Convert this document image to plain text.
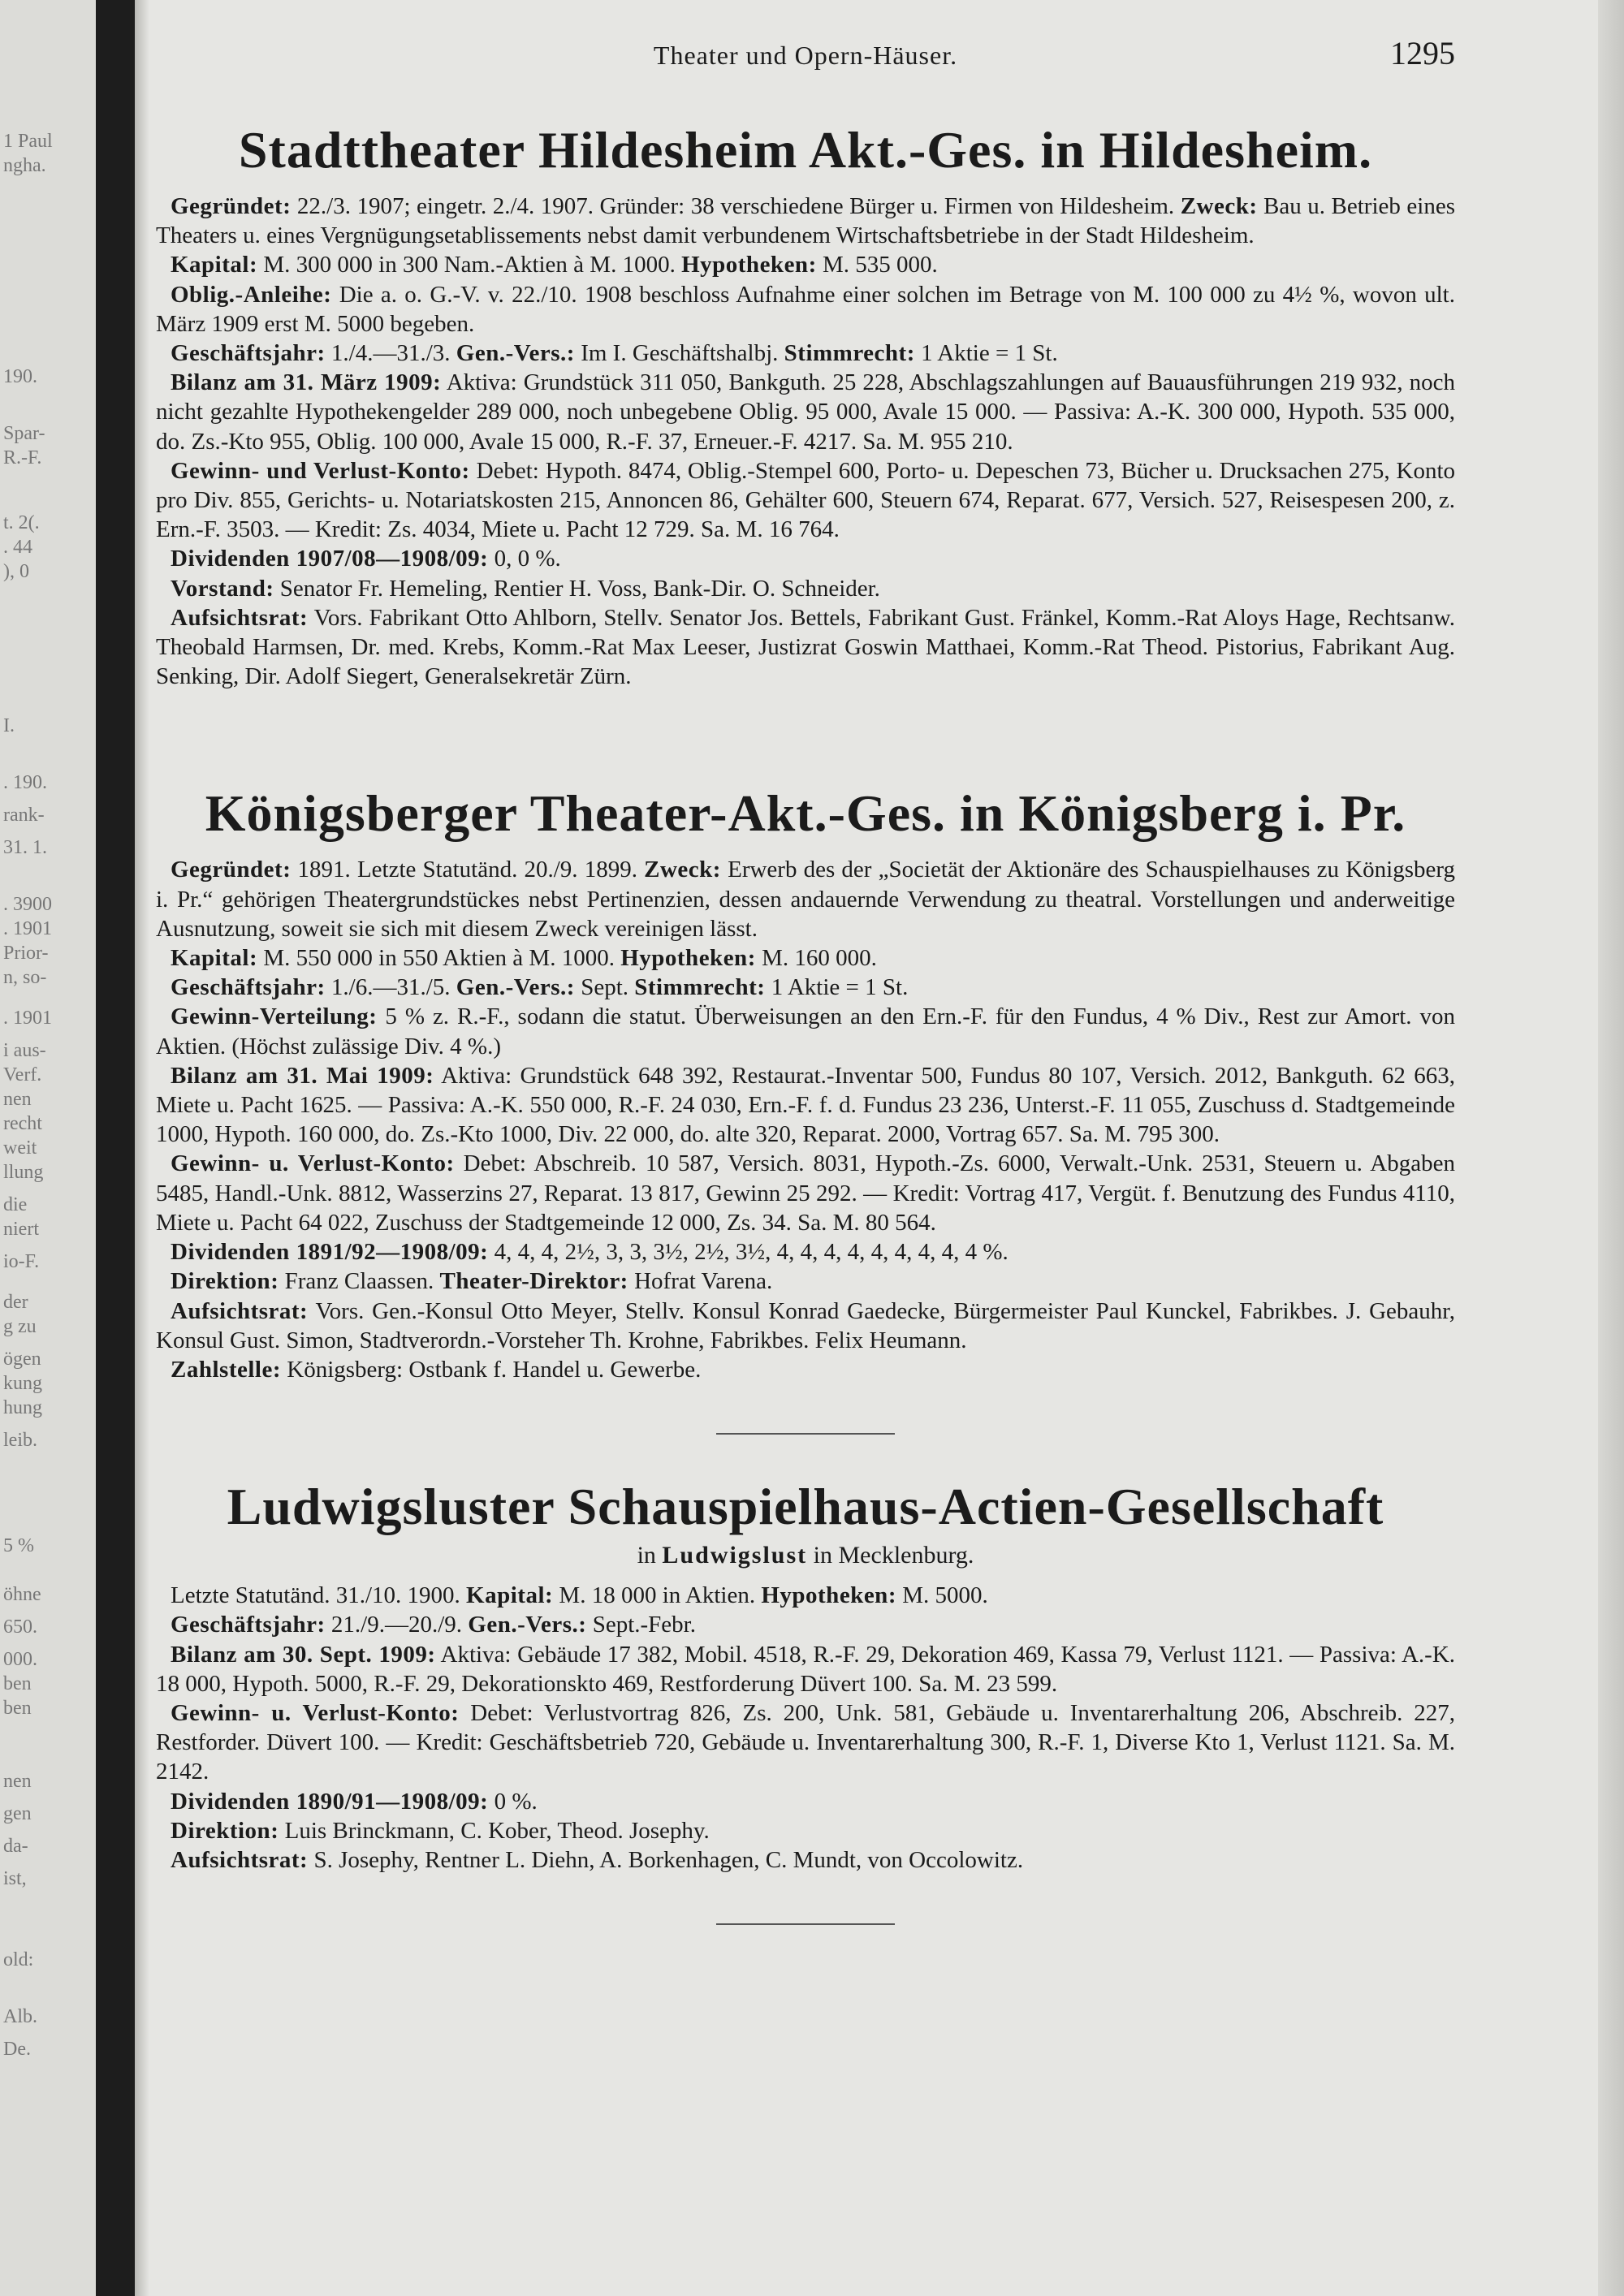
1 Paul
ngha.
190.
Spar-
R.-F.
t. 2(.
. 44
), 0
I.
. 190.
rank-
31. 1.
. 3900
. 1901
Prior-
n, so-
. 1901
i aus-
Verf.
nen
recht
weit
llung
die
niert
io-F.
der
g zu
ögen
kung
hung
leib.
5 %
öhne
650.
000.
ben
ben
nen
gen
da-
ist,
old:
Alb.
De.
Theater und Opern-Häuser.	1295
Stadttheater Hildesheim Akt.-Ges. in Hildesheim.

Gegründet: 22./3. 1907; eingetr. 2./4. 1907. Gründer: 38 verschiedene Bürger u. Firmen von Hildesheim. Zweck: Bau u. Betrieb eines Theaters u. eines Vergnügungsetablissements nebst damit verbundenem Wirtschaftsbetriebe in der Stadt Hildesheim.

Kapital: M. 300 000 in 300 Nam.-Aktien à M. 1000. Hypotheken: M. 535 000.

Oblig.-Anleihe: Die a. o. G.-V. v. 22./10. 1908 beschloss Aufnahme einer solchen im Betrage von M. 100 000 zu 4½ %, wovon ult. März 1909 erst M. 5000 begeben.

Geschäftsjahr: 1./4.—31./3. Gen.-Vers.: Im I. Geschäftshalbj. Stimmrecht: 1 Aktie = 1 St.

Bilanz am 31. März 1909: Aktiva: Grundstück 311 050, Bankguth. 25 228, Abschlagszahlungen auf Bauausführungen 219 932, noch nicht gezahlte Hypothekengelder 289 000, noch unbegebene Oblig. 95 000, Avale 15 000. — Passiva: A.-K. 300 000, Hypoth. 535 000, do. Zs.-Kto 955, Oblig. 100 000, Avale 15 000, R.-F. 37, Erneuer.-F. 4217. Sa. M. 955 210.

Gewinn- und Verlust-Konto: Debet: Hypoth. 8474, Oblig.-Stempel 600, Porto- u. Depeschen 73, Bücher u. Drucksachen 275, Konto pro Div. 855, Gerichts- u. Notariatskosten 215, Annoncen 86, Gehälter 600, Steuern 674, Reparat. 677, Versich. 527, Reisespesen 200, z. Ern.-F. 3503. — Kredit: Zs. 4034, Miete u. Pacht 12 729. Sa. M. 16 764.

Dividenden 1907/08—1908/09: 0, 0 %.

Vorstand: Senator Fr. Hemeling, Rentier H. Voss, Bank-Dir. O. Schneider.

Aufsichtsrat: Vors. Fabrikant Otto Ahlborn, Stellv. Senator Jos. Bettels, Fabrikant Gust. Fränkel, Komm.-Rat Aloys Hage, Rechtsanw. Theobald Harmsen, Dr. med. Krebs, Komm.-Rat Max Leeser, Justizrat Goswin Matthaei, Komm.-Rat Theod. Pistorius, Fabrikant Aug. Senking, Dir. Adolf Siegert, Generalsekretär Zürn.

Königsberger Theater-Akt.-Ges. in Königsberg i. Pr.

Gegründet: 1891. Letzte Statutänd. 20./9. 1899. Zweck: Erwerb des der „Societät der Aktionäre des Schauspielhauses zu Königsberg i. Pr.“ gehörigen Theatergrundstückes nebst Pertinenzien, dessen andauernde Verwendung zu theatral. Vorstellungen und anderweitige Ausnutzung, soweit sie sich mit diesem Zweck vereinigen lässt.

Kapital: M. 550 000 in 550 Aktien à M. 1000. Hypotheken: M. 160 000.

Geschäftsjahr: 1./6.—31./5. Gen.-Vers.: Sept. Stimmrecht: 1 Aktie = 1 St.

Gewinn-Verteilung: 5 % z. R.-F., sodann die statut. Überweisungen an den Ern.-F. für den Fundus, 4 % Div., Rest zur Amort. von Aktien. (Höchst zulässige Div. 4 %.)

Bilanz am 31. Mai 1909: Aktiva: Grundstück 648 392, Restaurat.-Inventar 500, Fundus 80 107, Versich. 2012, Bankguth. 62 663, Miete u. Pacht 1625. — Passiva: A.-K. 550 000, R.-F. 24 030, Ern.-F. f. d. Fundus 23 236, Unterst.-F. 11 055, Zuschuss d. Stadtgemeinde 1000, Hypoth. 160 000, do. Zs.-Kto 1000, Div. 22 000, do. alte 320, Reparat. 2000, Vortrag 657. Sa. M. 795 300.

Gewinn- u. Verlust-Konto: Debet: Abschreib. 10 587, Versich. 8031, Hypoth.-Zs. 6000, Verwalt.-Unk. 2531, Steuern u. Abgaben 5485, Handl.-Unk. 8812, Wasserzins 27, Reparat. 13 817, Gewinn 25 292. — Kredit: Vortrag 417, Vergüt. f. Benutzung des Fundus 4110, Miete u. Pacht 64 022, Zuschuss der Stadtgemeinde 12 000, Zs. 34. Sa. M. 80 564.

Dividenden 1891/92—1908/09: 4, 4, 4, 2½, 3, 3, 3½, 2½, 3½, 4, 4, 4, 4, 4, 4, 4, 4, 4 %.

Direktion: Franz Claassen. Theater-Direktor: Hofrat Varena.

Aufsichtsrat: Vors. Gen.-Konsul Otto Meyer, Stellv. Konsul Konrad Gaedecke, Bürgermeister Paul Kunckel, Fabrikbes. J. Gebauhr, Konsul Gust. Simon, Stadtverordn.-Vorsteher Th. Krohne, Fabrikbes. Felix Heumann.

Zahlstelle: Königsberg: Ostbank f. Handel u. Gewerbe.

Ludwigsluster Schauspielhaus-Actien-Gesellschaft
in Ludwigslust in Mecklenburg.

Letzte Statutänd. 31./10. 1900. Kapital: M. 18 000 in Aktien. Hypotheken: M. 5000.

Geschäftsjahr: 21./9.—20./9. Gen.-Vers.: Sept.-Febr.

Bilanz am 30. Sept. 1909: Aktiva: Gebäude 17 382, Mobil. 4518, R.-F. 29, Dekoration 469, Kassa 79, Verlust 1121. — Passiva: A.-K. 18 000, Hypoth. 5000, R.-F. 29, Dekorationskto 469, Restforderung Düvert 100. Sa. M. 23 599.

Gewinn- u. Verlust-Konto: Debet: Verlustvortrag 826, Zs. 200, Unk. 581, Gebäude u. Inventarerhaltung 206, Abschreib. 227, Restforder. Düvert 100. — Kredit: Geschäftsbetrieb 720, Gebäude u. Inventarerhaltung 300, R.-F. 1, Diverse Kto 1, Verlust 1121. Sa. M. 2142.

Dividenden 1890/91—1908/09: 0 %.

Direktion: Luis Brinckmann, C. Kober, Theod. Josephy.

Aufsichtsrat: S. Josephy, Rentner L. Diehn, A. Borkenhagen, C. Mundt, von Occolowitz.
